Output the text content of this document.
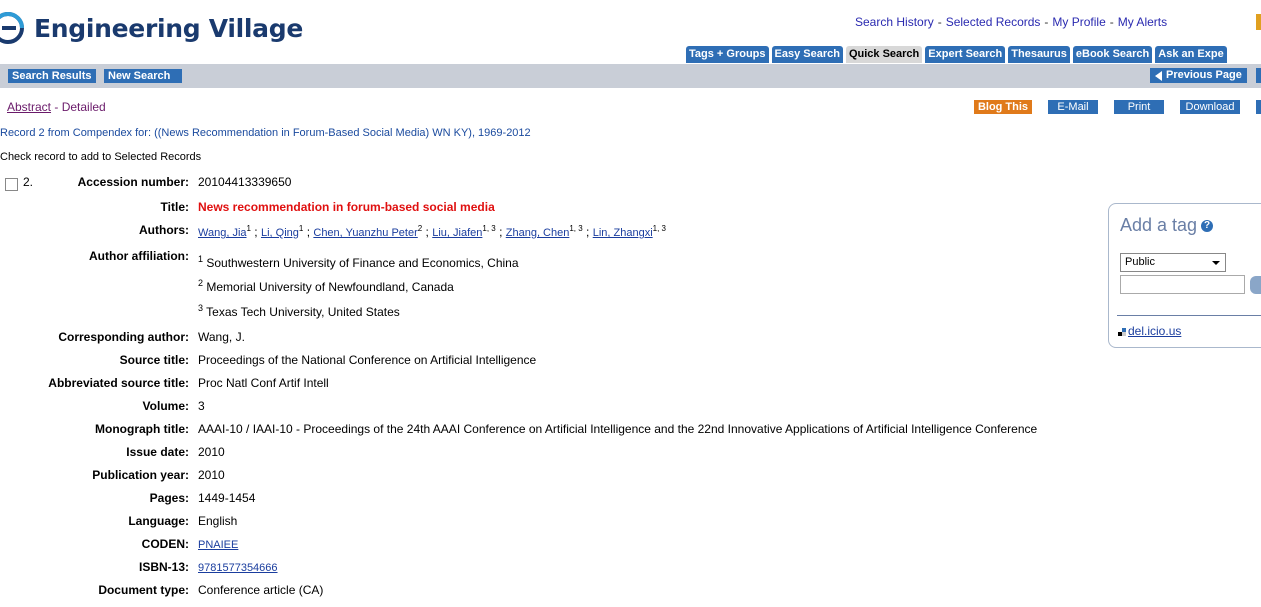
Engineering Village	Search History - Selected Records - My Profile - My Alerts
Tags + Groups Easy Search Quick Search Expert Search Thesaurus eBook Search Ask an Expe
Search Results	New Search	Previous Page
Abstract - Detailed	Blog This	E-Mail	Print	Download
Record 2 from Compendex for: ((News Recommendation in Forum-Based Social Media) WN KY), 1969-2012
Check record to add to Selected Records
2.	Accession number: 20104413339650
Title: News recommendation in forum-based social media
Authors: Wang, Jia$^1$ ; Li, Qing$^1$ ; Chen, Yuanzhu Peter$^2$ ; Liu, Jiafen$^{1, 3}$ ; Zhang, Chen$^{1, 3}$ ; Lin, Zhangxi$^{1, 3}$
Author affiliation: $^1$ Southwestern University of Finance and Economics, China
$^2$ Memorial University of Newfoundland, Canada
$^3$ Texas Tech University, United States
Corresponding author: Wang, J.
Source title: Proceedings of the National Conference on Artificial Intelligence
Abbreviated source title: Proc Natl Conf Artif Intell
Volume: 3
Monograph title: AAAI-10 / IAAI-10 - Proceedings of the 24th AAAI Conference on Artificial Intelligence and the 22nd Innovative Applications of Artificial Intelligence Conference
Issue date: 2010
Publication year: 2010
Pages: 1449-1454
Language: English
CODEN: PNAIEE
ISBN-13: 9781577354666
Document type: Conference article (CA)
Add a tag ?
Public
del.icio.us
